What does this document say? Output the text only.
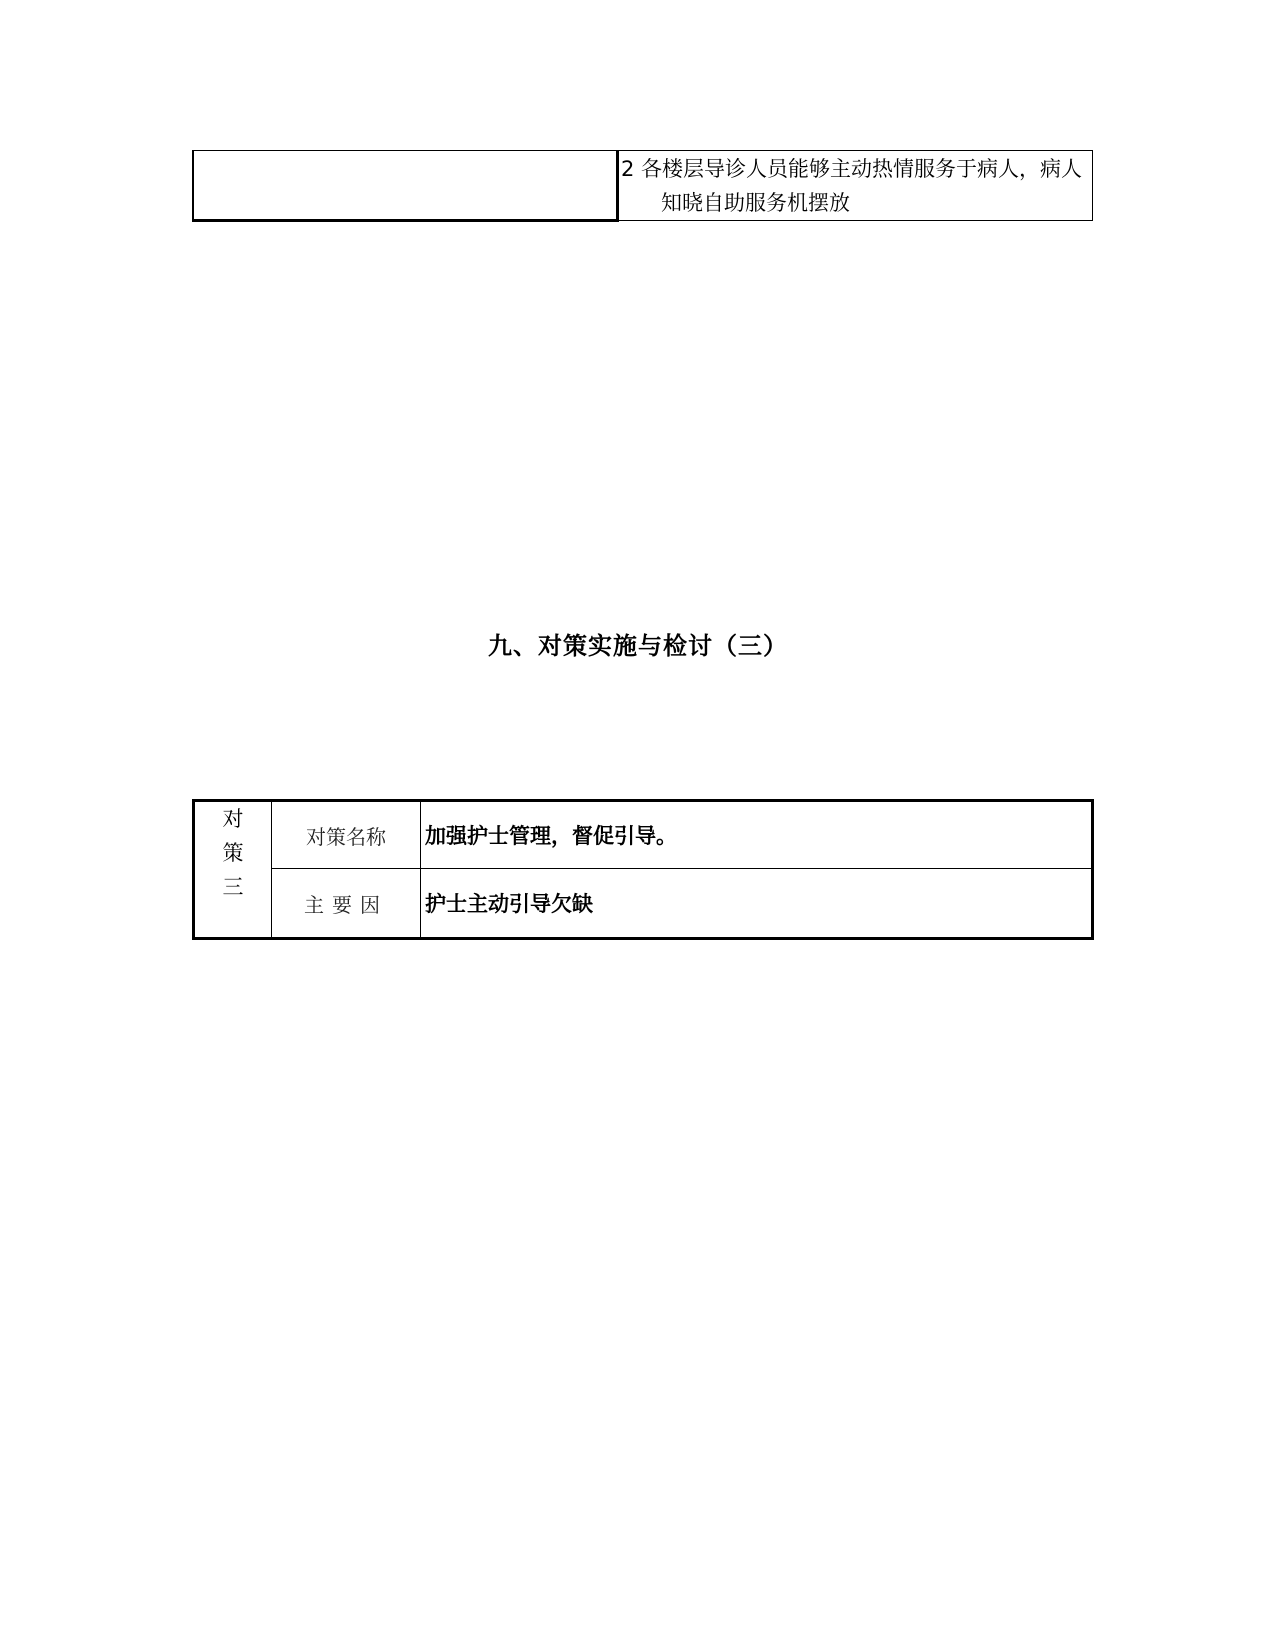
2 各楼层导诊人员能够主动热情服务于病人，病人
知晓自助服务机摆放
九、对策实施与检讨（三）
对
策
三	对策名称	加强护士管理，督促引导。
	主要因	护士主动引导欠缺
